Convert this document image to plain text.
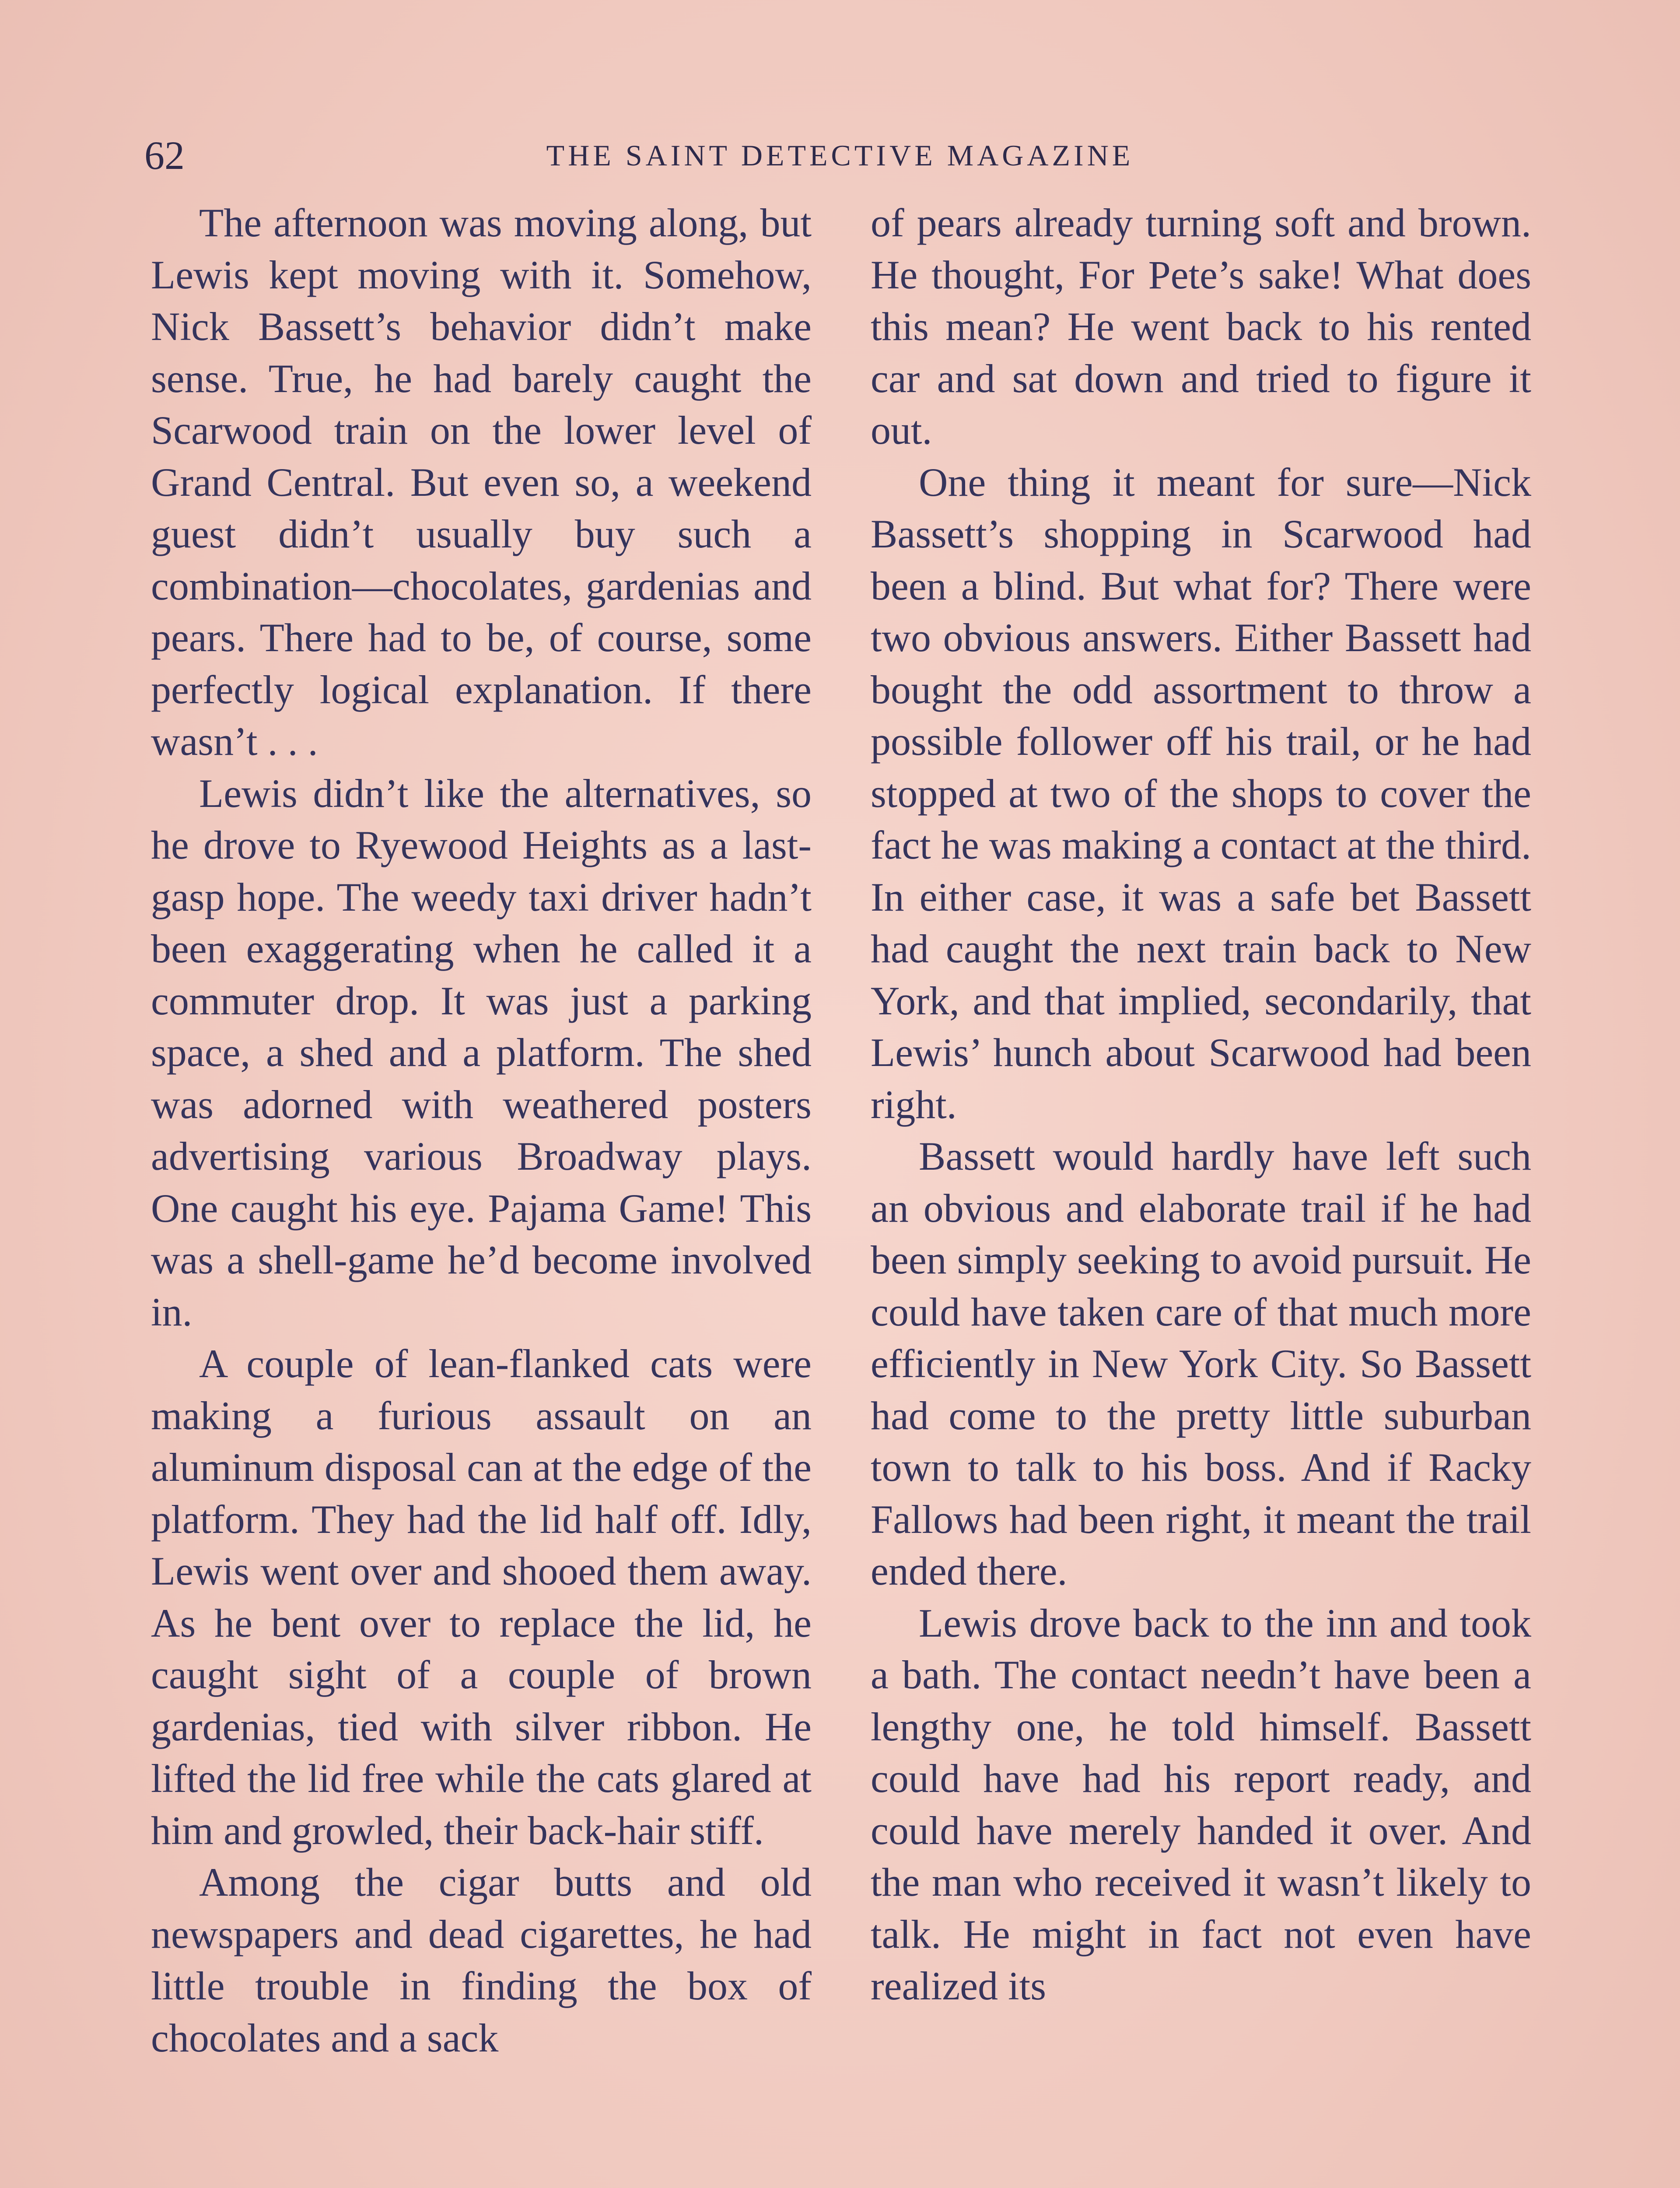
62	THE SAINT DETECTIVE MAGAZINE

The afternoon was moving along, but Lewis kept moving with it. Somehow, Nick Bassett’s behavior didn’t make sense. True, he had barely caught the Scarwood train on the lower level of Grand Central. But even so, a weekend guest didn’t usually buy such a combination—chocolates, gardenias and pears. There had to be, of course, some perfectly logical explanation. If there wasn’t . . .

Lewis didn’t like the alternatives, so he drove to Ryewood Heights as a last-gasp hope. The weedy taxi driver hadn’t been exaggerating when he called it a commuter drop. It was just a parking space, a shed and a platform. The shed was adorned with weathered posters advertising various Broadway plays. One caught his eye. Pajama Game! This was a shell-game he’d become involved in.

A couple of lean-flanked cats were making a furious assault on an aluminum disposal can at the edge of the platform. They had the lid half off. Idly, Lewis went over and shooed them away. As he bent over to replace the lid, he caught sight of a couple of brown gardenias, tied with silver ribbon. He lifted the lid free while the cats glared at him and growled, their back-hair stiff.

Among the cigar butts and old newspapers and dead cigarettes, he had little trouble in finding the box of chocolates and a sack

of pears already turning soft and brown. He thought, For Pete’s sake! What does this mean? He went back to his rented car and sat down and tried to figure it out.

One thing it meant for sure—Nick Bassett’s shopping in Scarwood had been a blind. But what for? There were two obvious answers. Either Bassett had bought the odd assortment to throw a possible follower off his trail, or he had stopped at two of the shops to cover the fact he was making a contact at the third. In either case, it was a safe bet Bassett had caught the next train back to New York, and that implied, secondarily, that Lewis’ hunch about Scarwood had been right.

Bassett would hardly have left such an obvious and elaborate trail if he had been simply seeking to avoid pursuit. He could have taken care of that much more efficiently in New York City. So Bassett had come to the pretty little suburban town to talk to his boss. And if Racky Fallows had been right, it meant the trail ended there.

Lewis drove back to the inn and took a bath. The contact needn’t have been a lengthy one, he told himself. Bassett could have had his report ready, and could have merely handed it over. And the man who received it wasn’t likely to talk. He might in fact not even have realized its
